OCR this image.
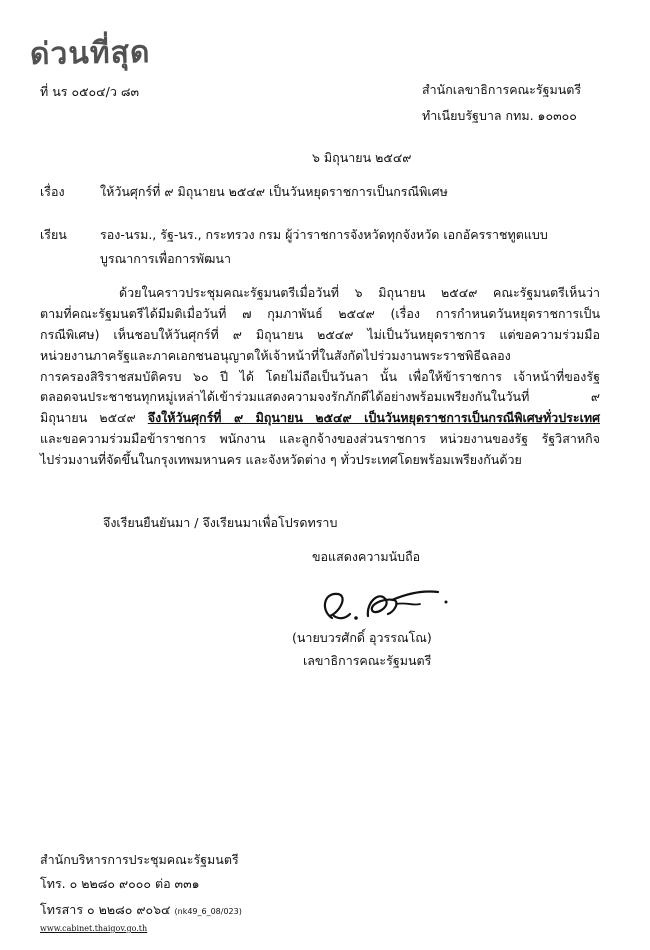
ด่วนที่สุด
ที่ นร ๐๕๐๔/ว ๘๓	สำนักเลขาธิการคณะรัฐมนตรี
ทำเนียบรัฐบาล กทม. ๑๐๓๐๐
๖ มิถุนายน ๒๕๔๙
เรื่อง	ให้วันศุกร์ที่ ๙ มิถุนายน ๒๕๔๙ เป็นวันหยุดราชการเป็นกรณีพิเศษ
เรียน	รอง-นรม., รัฐ-นร., กระทรวง กรม ผู้ว่าราชการจังหวัดทุกจังหวัด เอกอัครราชทูตแบบ
บูรณาการเพื่อการพัฒนา
ด้วยในคราวประชุมคณะรัฐมนตรีเมื่อวันที่ ๖ มิถุนายน ๒๕๔๙ คณะรัฐมนตรีเห็นว่า
ตามที่คณะรัฐมนตรีได้มีมติเมื่อวันที่ ๗ กุมภาพันธ์ ๒๕๔๙ (เรื่อง การกำหนดวันหยุดราชการเป็น
กรณีพิเศษ) เห็นชอบให้วันศุกร์ที่ ๙ มิถุนายน ๒๕๔๙ ไม่เป็นวันหยุดราชการ แต่ขอความร่วมมือ
หน่วยงานภาครัฐและภาคเอกชนอนุญาตให้เจ้าหน้าที่ในสังกัดไปร่วมงานพระราชพิธีฉลอง
การครองสิริราชสมบัติครบ ๖๐ ปี ได้ โดยไม่ถือเป็นวันลา นั้น เพื่อให้ข้าราชการ เจ้าหน้าที่ของรัฐ
ตลอดจนประชาชนทุกหมู่เหล่าได้เข้าร่วมแสดงความจงรักภักดีได้อย่างพร้อมเพรียงกันในวันที่ ๙
มิถุนายน ๒๕๔๙ จึงให้วันศุกร์ที่ ๙ มิถุนายน ๒๕๔๙ เป็นวันหยุดราชการเป็นกรณีพิเศษทั่วประเทศ
และขอความร่วมมือข้าราชการ พนักงาน และลูกจ้างของส่วนราชการ หน่วยงานของรัฐ รัฐวิสาหกิจ
ไปร่วมงานที่จัดขึ้นในกรุงเทพมหานคร และจังหวัดต่าง ๆ ทั่วประเทศโดยพร้อมเพรียงกันด้วย
จึงเรียนยืนยันมา / จึงเรียนมาเพื่อโปรดทราบ
ขอแสดงความนับถือ
(นายบวรศักดิ์ อุวรรณโณ)
เลขาธิการคณะรัฐมนตรี
สำนักบริหารการประชุมคณะรัฐมนตรี
โทร. ๐ ๒๒๘๐ ๙๐๐๐ ต่อ ๓๓๑
โทรสาร ๐ ๒๒๘๐ ๙๐๖๔ (nk49_6_08/023)
www.cabinet.thaigov.go.th
